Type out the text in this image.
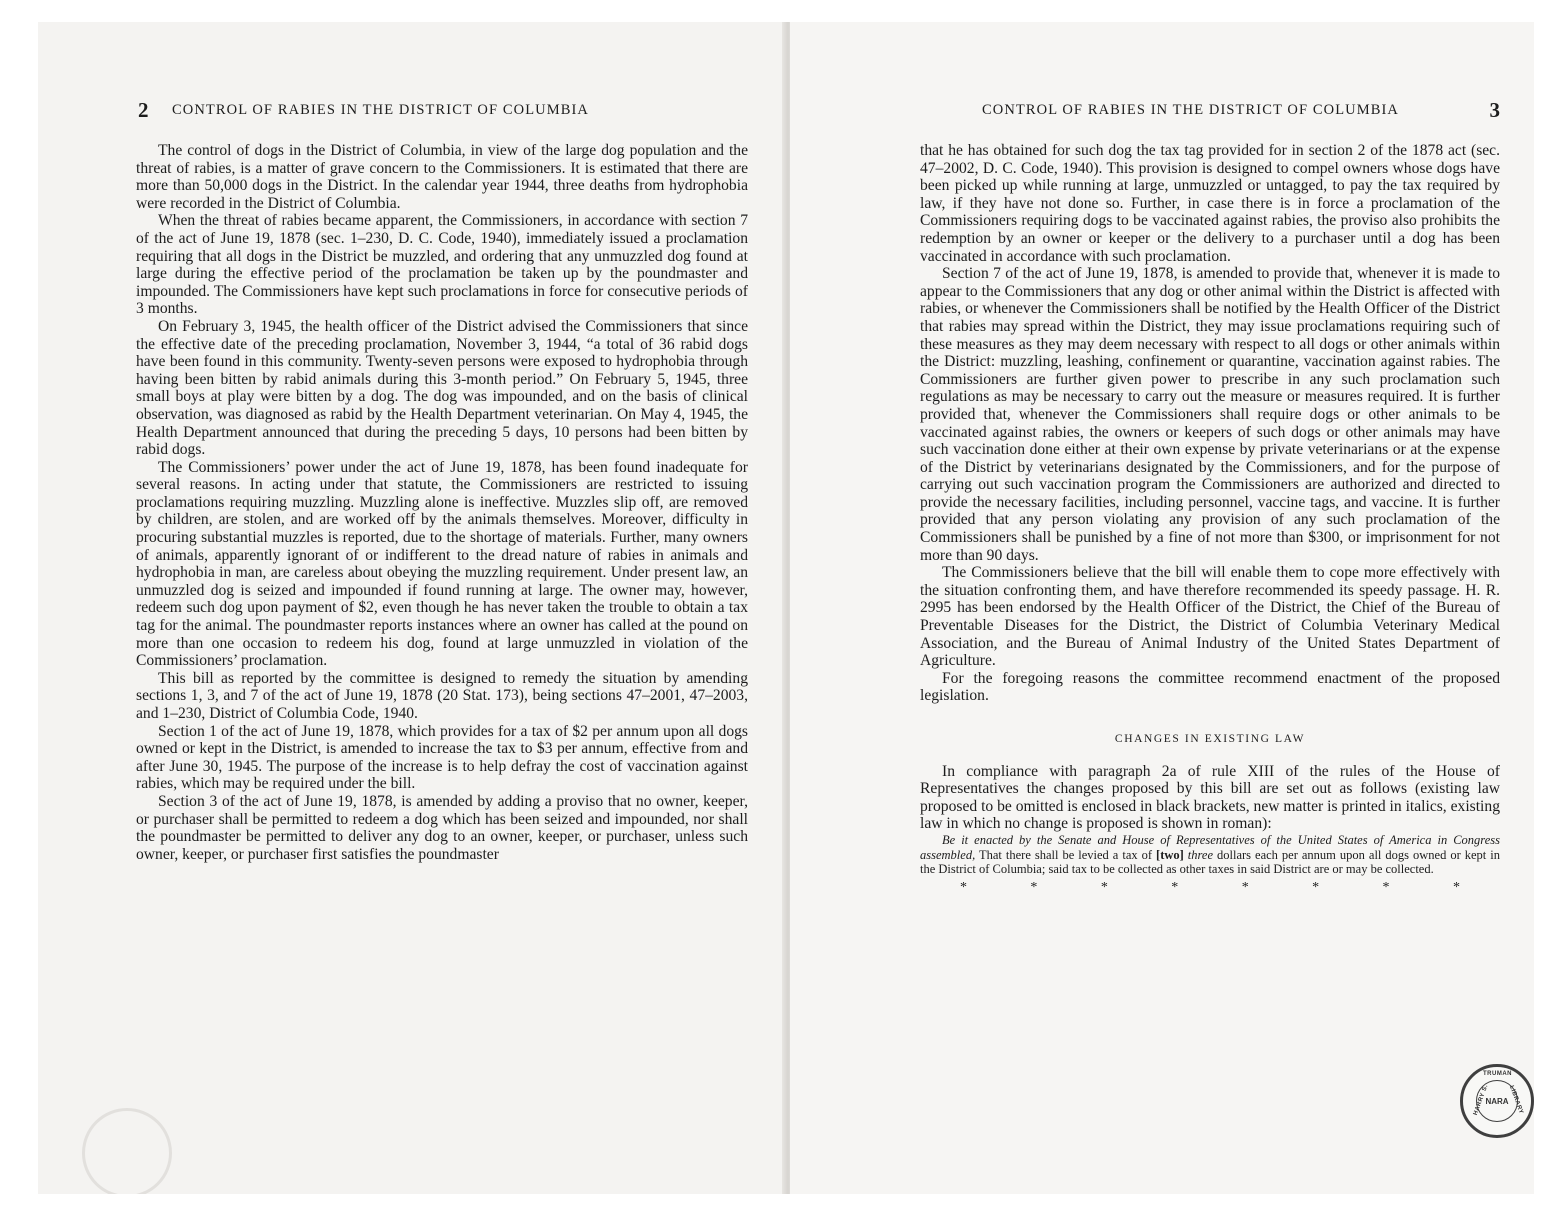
2 CONTROL OF RABIES IN THE DISTRICT OF COLUMBIA

The control of dogs in the District of Columbia, in view of the large dog population and the threat of rabies, is a matter of grave concern to the Commissioners. It is estimated that there are more than 50,000 dogs in the District. In the calendar year 1944, three deaths from hydrophobia were recorded in the District of Columbia.

When the threat of rabies became apparent, the Commissioners, in accordance with section 7 of the act of June 19, 1878 (sec. 1–230, D. C. Code, 1940), immediately issued a proclamation requiring that all dogs in the District be muzzled, and ordering that any unmuzzled dog found at large during the effective period of the proclamation be taken up by the poundmaster and impounded. The Commissioners have kept such proclamations in force for consecutive periods of 3 months.

On February 3, 1945, the health officer of the District advised the Commissioners that since the effective date of the preceding proclamation, November 3, 1944, “a total of 36 rabid dogs have been found in this community. Twenty-seven persons were exposed to hydrophobia through having been bitten by rabid animals during this 3-month period.” On February 5, 1945, three small boys at play were bitten by a dog. The dog was impounded, and on the basis of clinical observation, was diagnosed as rabid by the Health Department veterinarian. On May 4, 1945, the Health Department announced that during the preceding 5 days, 10 persons had been bitten by rabid dogs.

The Commissioners’ power under the act of June 19, 1878, has been found inadequate for several reasons. In acting under that statute, the Commissioners are restricted to issuing proclamations requiring muzzling. Muzzling alone is ineffective. Muzzles slip off, are removed by children, are stolen, and are worked off by the animals themselves. Moreover, difficulty in procuring substantial muzzles is reported, due to the shortage of materials. Further, many owners of animals, apparently ignorant of or indifferent to the dread nature of rabies in animals and hydrophobia in man, are careless about obeying the muzzling requirement. Under present law, an unmuzzled dog is seized and impounded if found running at large. The owner may, however, redeem such dog upon payment of $2, even though he has never taken the trouble to obtain a tax tag for the animal. The poundmaster reports instances where an owner has called at the pound on more than one occasion to redeem his dog, found at large unmuzzled in violation of the Commissioners’ proclamation.

This bill as reported by the committee is designed to remedy the situation by amending sections 1, 3, and 7 of the act of June 19, 1878 (20 Stat. 173), being sections 47–2001, 47–2003, and 1–230, District of Columbia Code, 1940.

Section 1 of the act of June 19, 1878, which provides for a tax of $2 per annum upon all dogs owned or kept in the District, is amended to increase the tax to $3 per annum, effective from and after June 30, 1945. The purpose of the increase is to help defray the cost of vaccination against rabies, which may be required under the bill.

Section 3 of the act of June 19, 1878, is amended by adding a proviso that no owner, keeper, or purchaser shall be permitted to redeem a dog which has been seized and impounded, nor shall the poundmaster be permitted to deliver any dog to an owner, keeper, or purchaser, unless such owner, keeper, or purchaser first satisfies the poundmaster

CONTROL OF RABIES IN THE DISTRICT OF COLUMBIA	3

that he has obtained for such dog the tax tag provided for in section 2 of the 1878 act (sec. 47–2002, D. C. Code, 1940). This provision is designed to compel owners whose dogs have been picked up while running at large, unmuzzled or untagged, to pay the tax required by law, if they have not done so. Further, in case there is in force a proclamation of the Commissioners requiring dogs to be vaccinated against rabies, the proviso also prohibits the redemption by an owner or keeper or the delivery to a purchaser until a dog has been vaccinated in accordance with such proclamation.

Section 7 of the act of June 19, 1878, is amended to provide that, whenever it is made to appear to the Commissioners that any dog or other animal within the District is affected with rabies, or whenever the Commissioners shall be notified by the Health Officer of the District that rabies may spread within the District, they may issue proclamations requiring such of these measures as they may deem necessary with respect to all dogs or other animals within the District: muzzling, leashing, confinement or quarantine, vaccination against rabies. The Commissioners are further given power to prescribe in any such proclamation such regulations as may be necessary to carry out the measure or measures required. It is further provided that, whenever the Commissioners shall require dogs or other animals to be vaccinated against rabies, the owners or keepers of such dogs or other animals may have such vaccination done either at their own expense by private veterinarians or at the expense of the District by veterinarians designated by the Commissioners, and for the purpose of carrying out such vaccination program the Commissioners are authorized and directed to provide the necessary facilities, including personnel, vaccine tags, and vaccine. It is further provided that any person violating any provision of any such proclamation of the Commissioners shall be punished by a fine of not more than $300, or imprisonment for not more than 90 days.

The Commissioners believe that the bill will enable them to cope more effectively with the situation confronting them, and have therefore recommended its speedy passage. H. R. 2995 has been endorsed by the Health Officer of the District, the Chief of the Bureau of Preventable Diseases for the District, the District of Columbia Veterinary Medical Association, and the Bureau of Animal Industry of the United States Department of Agriculture.

For the foregoing reasons the committee recommend enactment of the proposed legislation.

CHANGES IN EXISTING LAW

In compliance with paragraph 2a of rule XIII of the rules of the House of Representatives the changes proposed by this bill are set out as follows (existing law proposed to be omitted is enclosed in black brackets, new matter is printed in italics, existing law in which no change is proposed is shown in roman):

Be it enacted by the Senate and House of Representatives of the United States of America in Congress assembled, That there shall be levied a tax of [two] three dollars each per annum upon all dogs owned or kept in the District of Columbia; said tax to be collected as other taxes in said District are or may be collected.

*	*	*	*	*	*	*	*
TRUMAN
HARRY S.	LIBRARY
NARA
